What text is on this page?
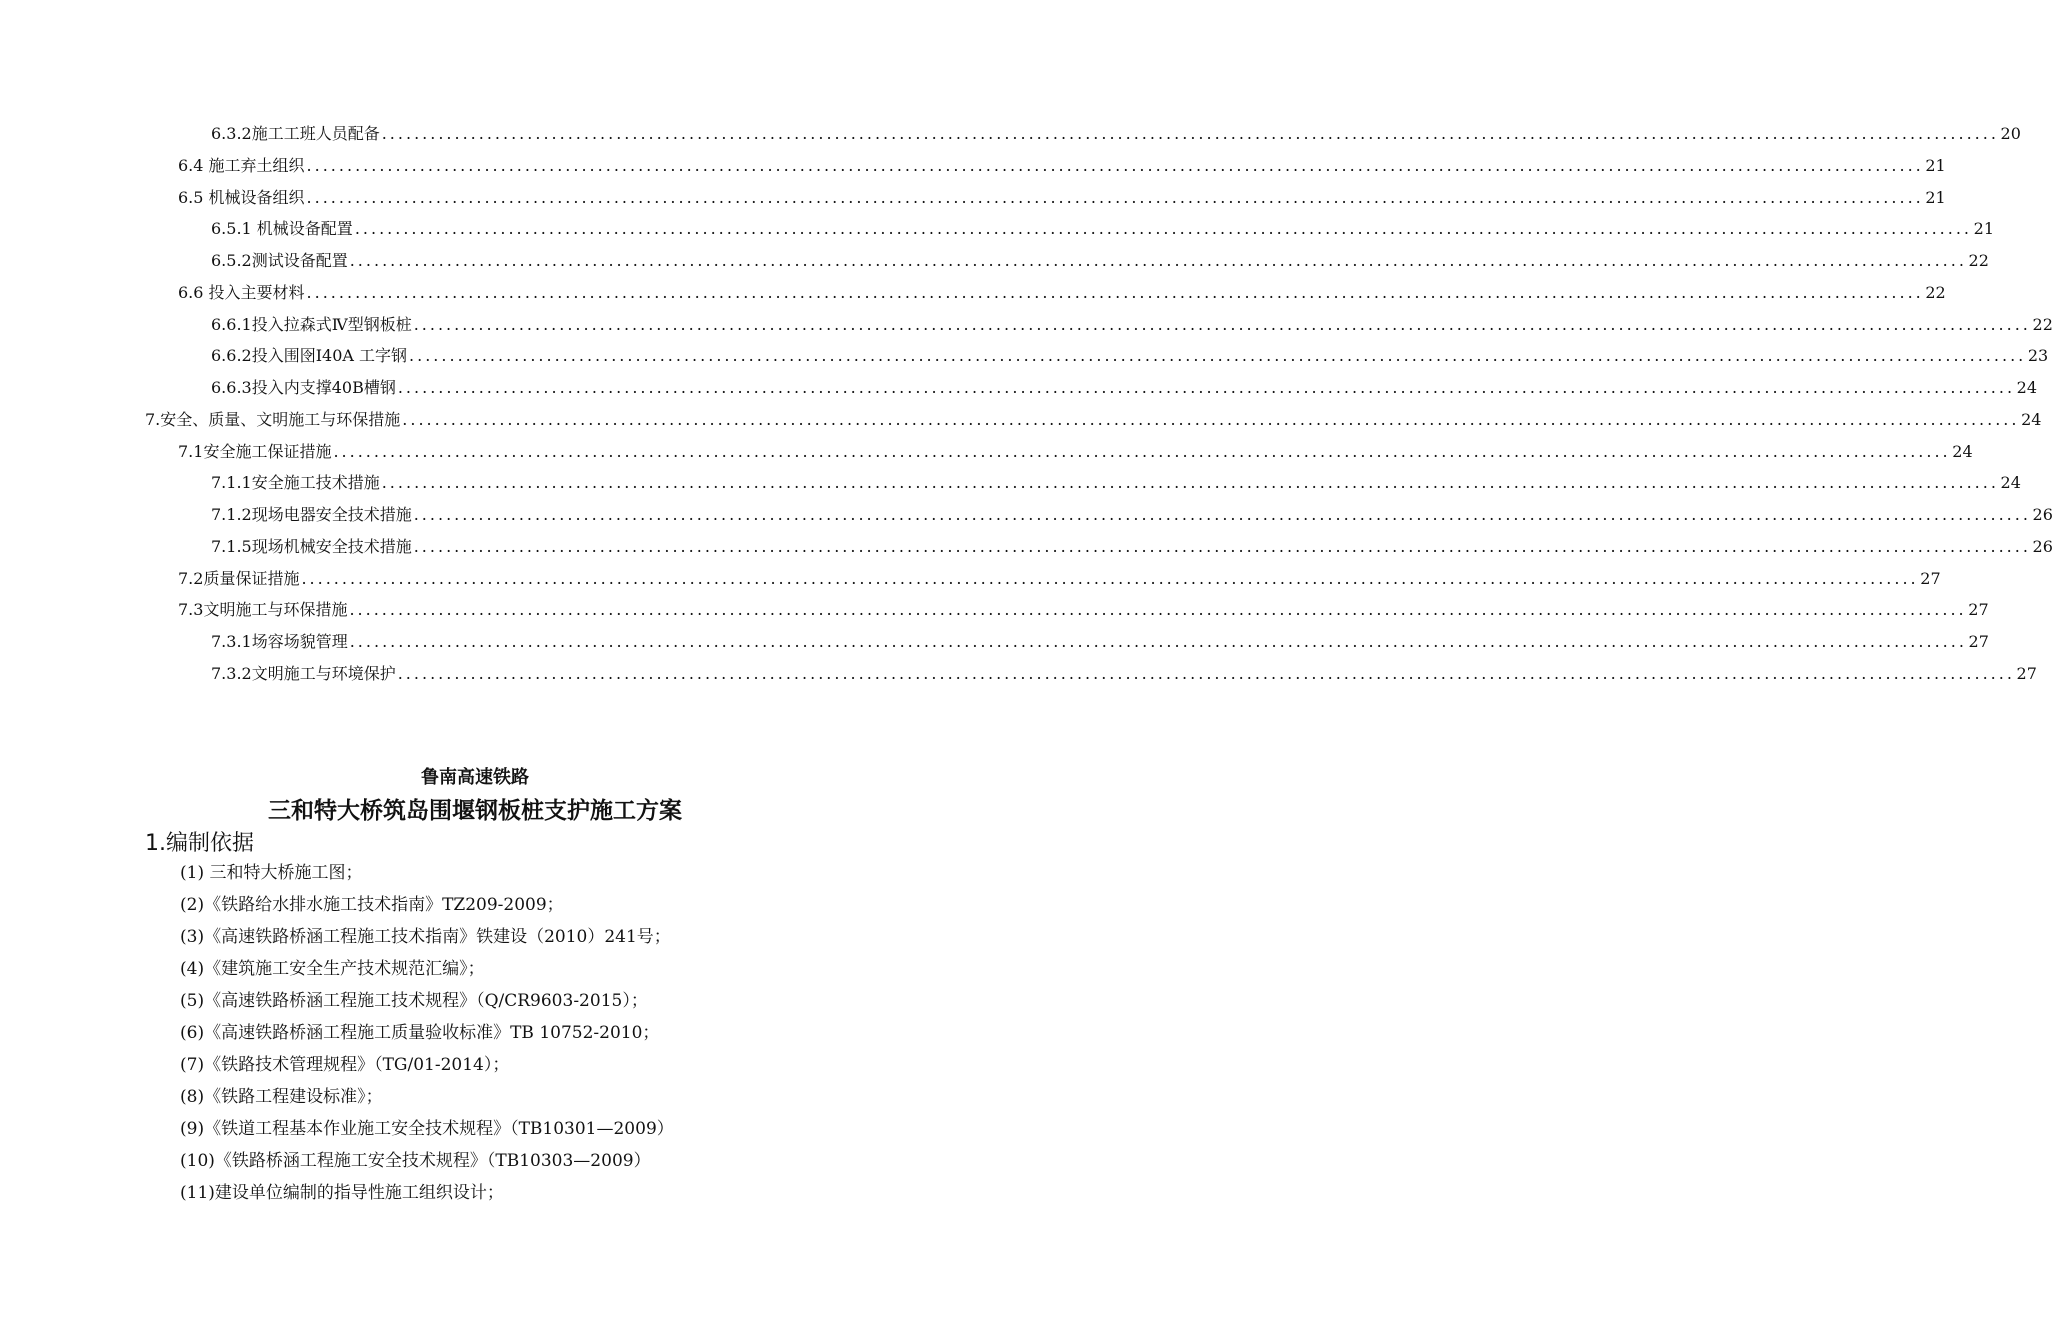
6.3.2施工工班人员配备 ........................................................................................................................................................................................................ 20
6.4 施工弃土组织 ........................................................................................................................................................................................................ 21
6.5 机械设备组织 ........................................................................................................................................................................................................ 21
6.5.1 机械设备配置 ........................................................................................................................................................................................................ 21
6.5.2测试设备配置 ........................................................................................................................................................................................................ 22
6.6 投入主要材料 ........................................................................................................................................................................................................ 22
6.6.1投入拉森式Ⅳ型钢板桩 ........................................................................................................................................................................................................ 22
6.6.2投入围囹I40A 工字钢 ........................................................................................................................................................................................................ 23
6.6.3投入内支撑40B槽钢 ........................................................................................................................................................................................................ 24
7.安全、质量、文明施工与环保措施 ........................................................................................................................................................................................................ 24
7.1安全施工保证措施 ........................................................................................................................................................................................................ 24
7.1.1安全施工技术措施 ........................................................................................................................................................................................................ 24
7.1.2现场电器安全技术措施 ........................................................................................................................................................................................................ 26
7.1.5现场机械安全技术措施 ........................................................................................................................................................................................................ 26
7.2质量保证措施 ........................................................................................................................................................................................................ 27
7.3文明施工与环保措施 ........................................................................................................................................................................................................ 27
7.3.1场容场貌管理 ........................................................................................................................................................................................................ 27
7.3.2文明施工与环境保护 ........................................................................................................................................................................................................ 27
鲁南高速铁路
三和特大桥筑岛围堰钢板桩支护施工方案
1.编制依据
(1) 三和特大桥施工图；
(2)《铁路给水排水施工技术指南》TZ209-2009；
(3)《高速铁路桥涵工程施工技术指南》铁建设（2010）241号；
(4)《建筑施工安全生产技术规范汇编》；
(5)《高速铁路桥涵工程施工技术规程》（Q/CR9603-2015）；
(6)《高速铁路桥涵工程施工质量验收标准》TB 10752-2010；
(7)《铁路技术管理规程》（TG/01-2014）；
(8)《铁路工程建设标准》；
(9)《铁道工程基本作业施工安全技术规程》（TB10301—2009）
(10)《铁路桥涵工程施工安全技术规程》（TB10303—2009）
(11)建设单位编制的指导性施工组织设计；
